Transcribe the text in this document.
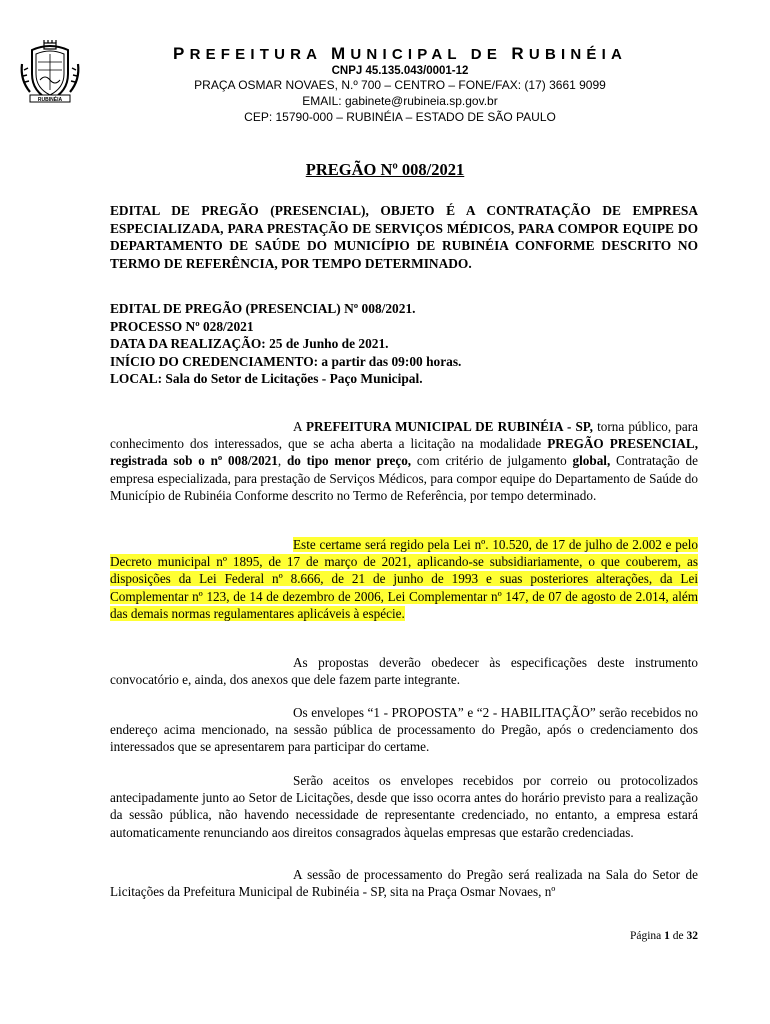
RUBINÉIA
PREFEITURA MUNICIPAL DE RUBINÉIA
CNPJ 45.135.043/0001-12
PRAÇA OSMAR NOVAES, N.º 700 – CENTRO – FONE/FAX: (17) 3661 9099
EMAIL: gabinete@rubineia.sp.gov.br
CEP: 15790-000 – RUBINÉIA – ESTADO DE SÃO PAULO
PREGÃO Nº 008/2021
EDITAL DE PREGÃO (PRESENCIAL), OBJETO É A CONTRATAÇÃO DE EMPRESA ESPECIALIZADA, PARA PRESTAÇÃO DE SERVIÇOS MÉDICOS, PARA COMPOR EQUIPE DO DEPARTAMENTO DE SAÚDE DO MUNICÍPIO DE RUBINÉIA CONFORME DESCRITO NO TERMO DE REFERÊNCIA, POR TEMPO DETERMINADO.
EDITAL DE PREGÃO (PRESENCIAL) Nº 008/2021.
PROCESSO Nº 028/2021
DATA DA REALIZAÇÃO: 25 de Junho de 2021.
INÍCIO DO CREDENCIAMENTO: a partir das 09:00 horas.
LOCAL: Sala do Setor de Licitações - Paço Municipal.
A PREFEITURA MUNICIPAL DE RUBINÉIA - SP, torna público, para conhecimento dos interessados, que se acha aberta a licitação na modalidade PREGÃO PRESENCIAL, registrada sob o nº 008/2021, do tipo menor preço, com critério de julgamento global, Contratação de empresa especializada, para prestação de Serviços Médicos, para compor equipe do Departamento de Saúde do Município de Rubinéia Conforme descrito no Termo de Referência, por tempo determinado.
Este certame será regido pela Lei nº. 10.520, de 17 de julho de 2.002 e pelo Decreto municipal nº 1895, de 17 de março de 2021, aplicando-se subsidiariamente, o que couberem, as disposições da Lei Federal nº 8.666, de 21 de junho de 1993 e suas posteriores alterações, da Lei Complementar nº 123, de 14 de dezembro de 2006, Lei Complementar nº 147, de 07 de agosto de 2.014, além das demais normas regulamentares aplicáveis à espécie.
As propostas deverão obedecer às especificações deste instrumento convocatório e, ainda, dos anexos que dele fazem parte integrante.
Os envelopes “1 - PROPOSTA” e “2 - HABILITAÇÃO” serão recebidos no endereço acima mencionado, na sessão pública de processamento do Pregão, após o credenciamento dos interessados que se apresentarem para participar do certame.
Serão aceitos os envelopes recebidos por correio ou protocolizados antecipadamente junto ao Setor de Licitações, desde que isso ocorra antes do horário previsto para a realização da sessão pública, não havendo necessidade de representante credenciado, no entanto, a empresa estará automaticamente renunciando aos direitos consagrados àquelas empresas que estarão credenciadas.
A sessão de processamento do Pregão será realizada na Sala do Setor de Licitações da Prefeitura Municipal de Rubinéia - SP, sita na Praça Osmar Novaes, nº
Página 1 de 32
